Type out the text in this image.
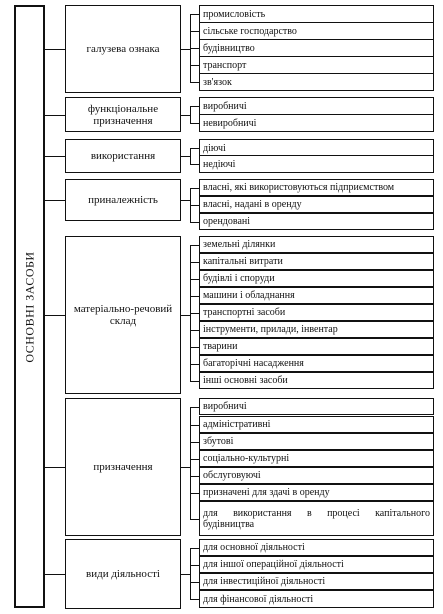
ОСНОВНІ ЗАСОБИ
галузева ознака
промисловість
сільське господарство
будівництво
транспорт
зв'язок
функціональне призначення
виробничі
невиробничі
використання
діючі
недіючі
приналежність
власні, які використовуються підприємством
власні, надані в оренду
орендовані
матеріально-речовий склад
земельні ділянки
капітальні витрати
будівлі і споруди
машини і обладнання
транспортні засоби
інструменти, прилади, інвентар
тварини
багаторічні насадження
інші основні засоби
призначення
виробничі
адміністративні
збутові
соціально-культурні
обслуговуючі
призначені для здачі в оренду
для використання в процесі капітального будівництва
види діяльності
для основної діяльності
для іншої операційної діяльності
для інвестиційної діяльності
для фінансової діяльності
